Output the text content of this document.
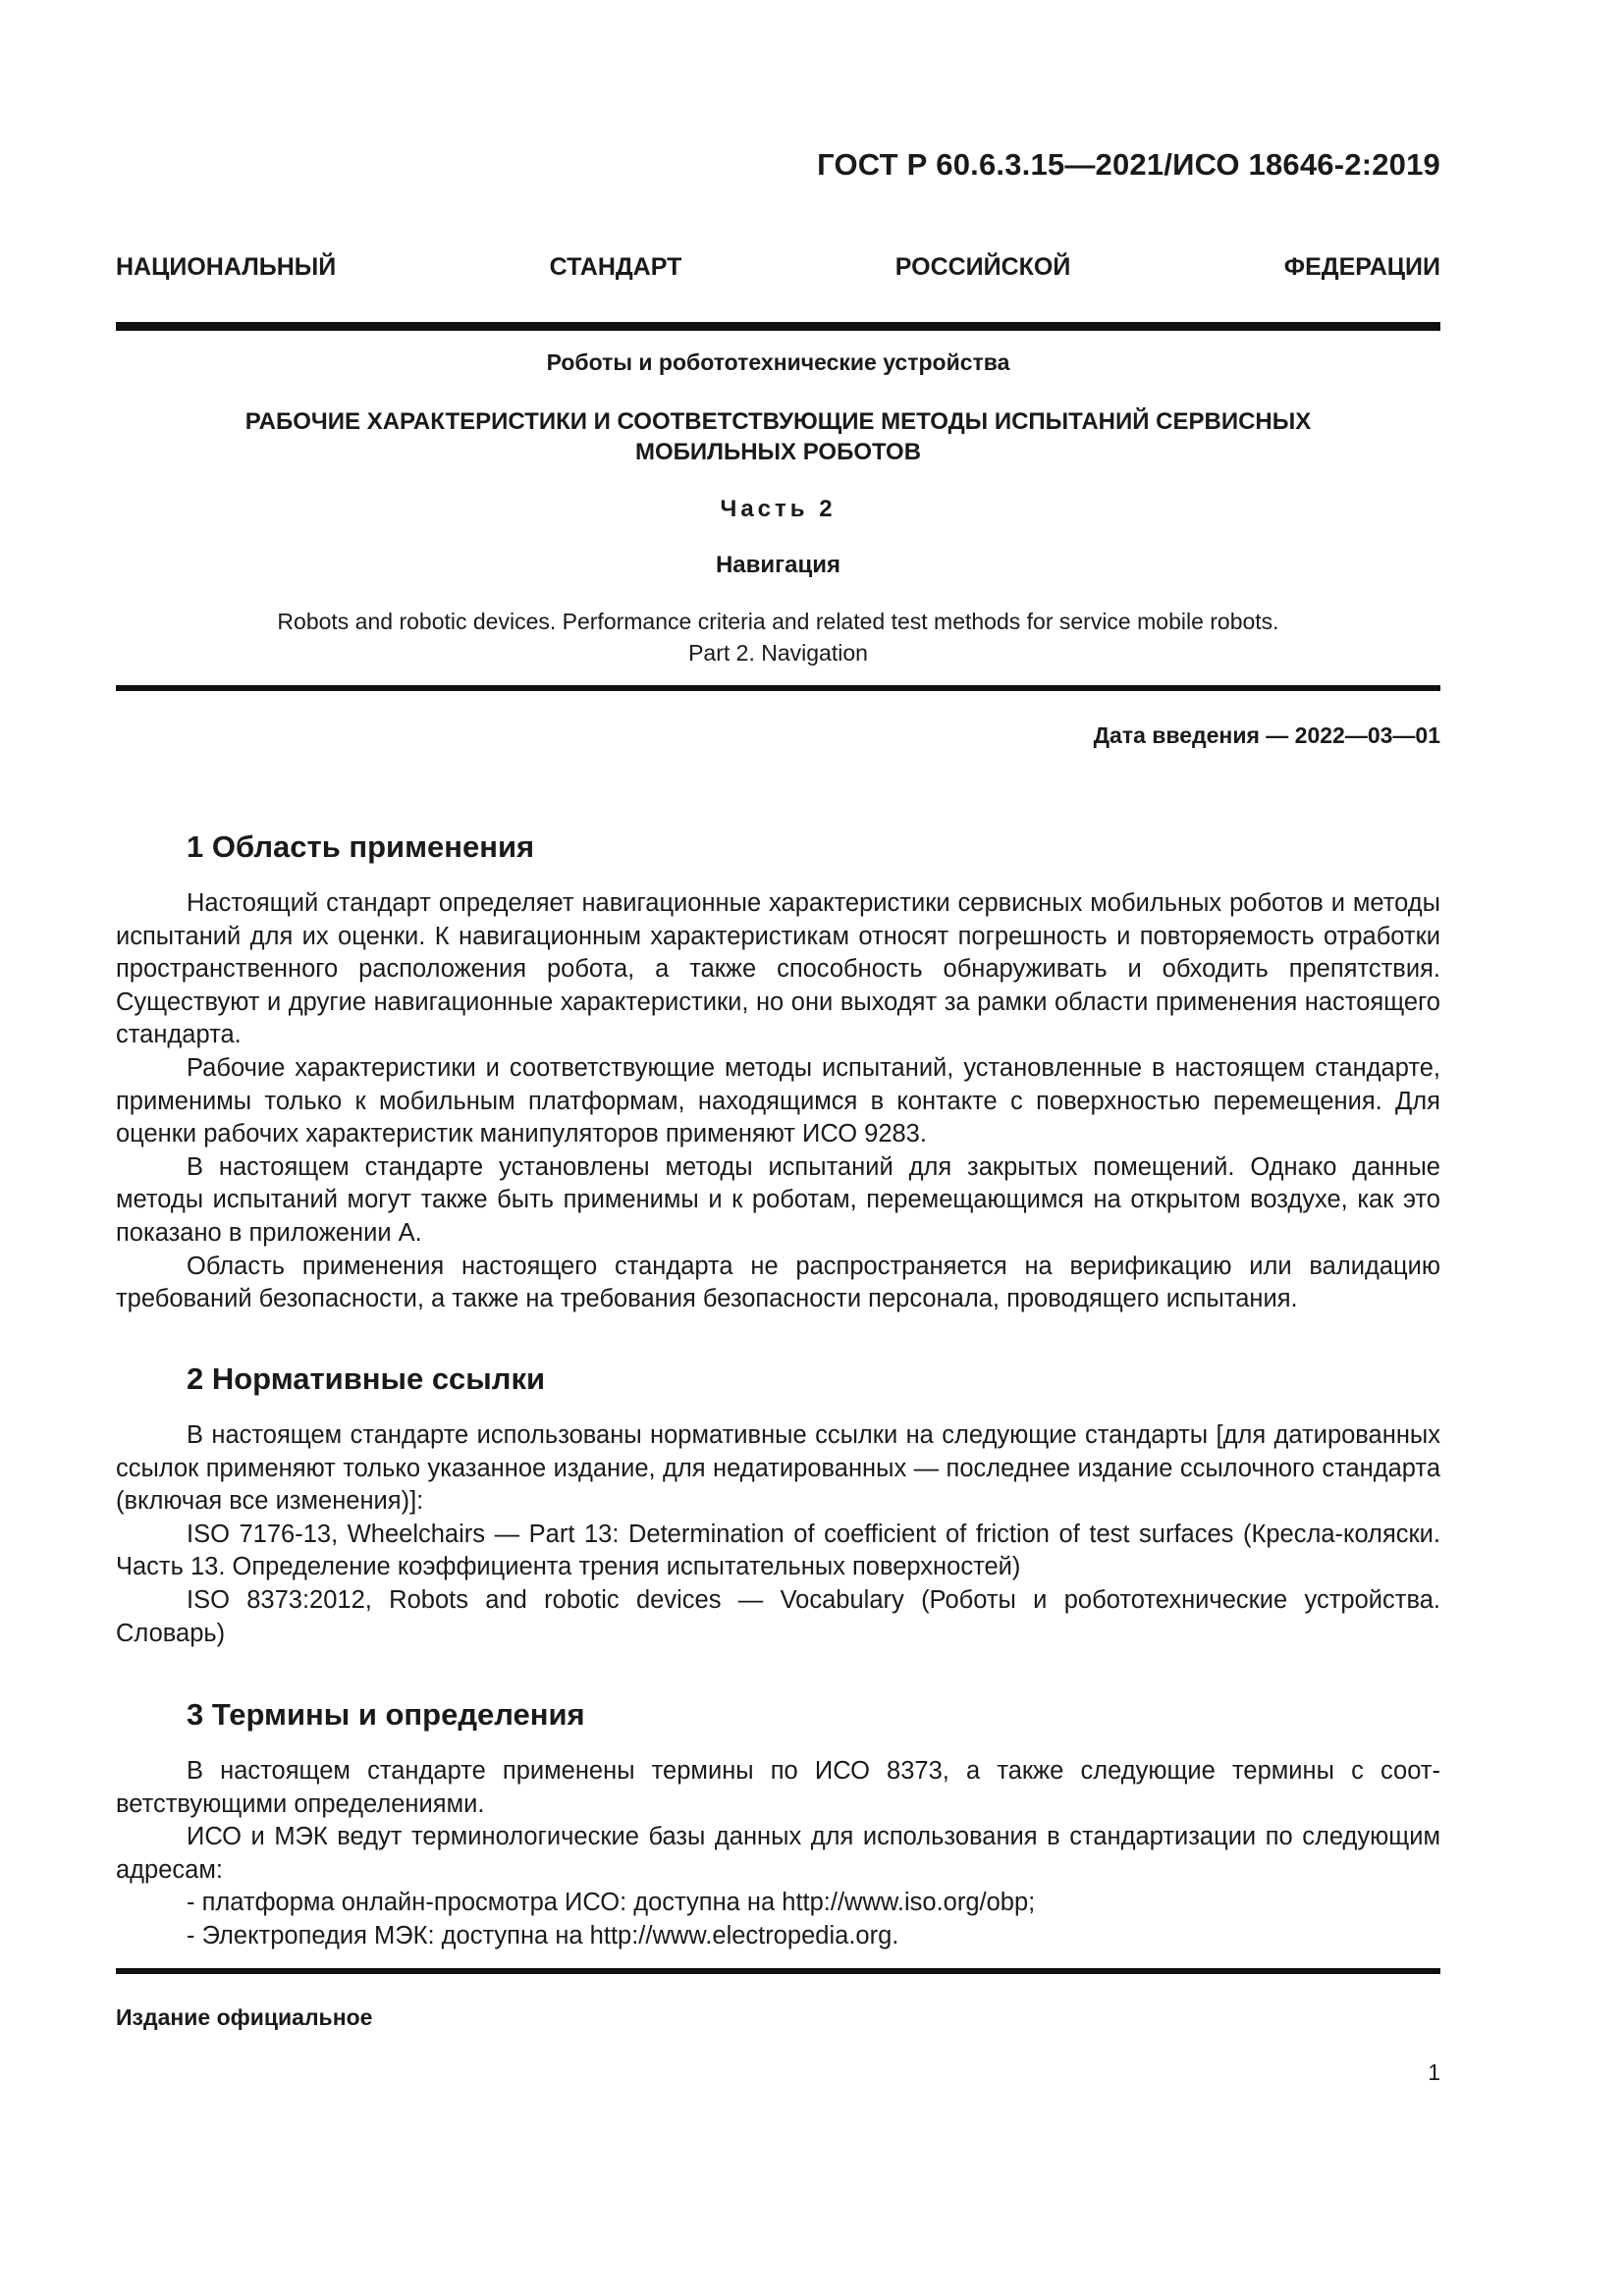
ГОСТ Р 60.6.3.15—2021/ИСО 18646-2:2019
НАЦИОНАЛЬНЫЙ СТАНДАРТ РОССИЙСКОЙ ФЕДЕРАЦИИ
Роботы и робототехнические устройства
РАБОЧИЕ ХАРАКТЕРИСТИКИ И СООТВЕТСТВУЮЩИЕ МЕТОДЫ ИСПЫТАНИЙ СЕРВИСНЫХ
МОБИЛЬНЫХ РОБОТОВ
Часть 2
Навигация
Robots and robotic devices. Performance criteria and related test methods for service mobile robots.
Part 2. Navigation
Дата введения — 2022—03—01
1 Область применения

Настоящий стандарт определяет навигационные характеристики сервисных мобильных роботов и методы испытаний для их оценки. К навигационным характеристикам относят погрешность и повторяемость отработки пространственного расположения робота, а также способность обнаруживать и обходить препятствия. Существуют и другие навигационные характеристики, но они выходят за рамки области применения настоящего стандарта.

Рабочие характеристики и соответствующие методы испытаний, установленные в настоящем стандарте, применимы только к мобильным платформам, находящимся в контакте с поверхностью перемещения. Для оценки рабочих характеристик манипуляторов применяют ИСО 9283.

В настоящем стандарте установлены методы испытаний для закрытых помещений. Однако данные методы испытаний могут также быть применимы и к роботам, перемещающимся на открытом воздухе, как это показано в приложении А.

Область применения настоящего стандарта не распространяется на верификацию или валидацию требований безопасности, а также на требования безопасности персонала, проводящего испытания.

2 Нормативные ссылки

В настоящем стандарте использованы нормативные ссылки на следующие стандарты [для датированных ссылок применяют только указанное издание, для недатированных — последнее издание ссылочного стандарта (включая все изменения)]:

ISO 7176-13, Wheelchairs — Part 13: Determination of coefficient of friction of test surfaces (Кресла-коляски. Часть 13. Определение коэффициента трения испытательных поверхностей)

ISO 8373:2012, Robots and robotic devices — Vocabulary (Роботы и робототехнические устройства. Словарь)

3 Термины и определения

В настоящем стандарте применены термины по ИСО 8373, а также следующие термины с соответствующими определениями.

ИСО и МЭК ведут терминологические базы данных для использования в стандартизации по следующим адресам:

- платформа онлайн-просмотра ИСО: доступна на http://www.iso.org/obp;

- Электропедия МЭК: доступна на http://www.electropedia.org.

Издание официальное
1
